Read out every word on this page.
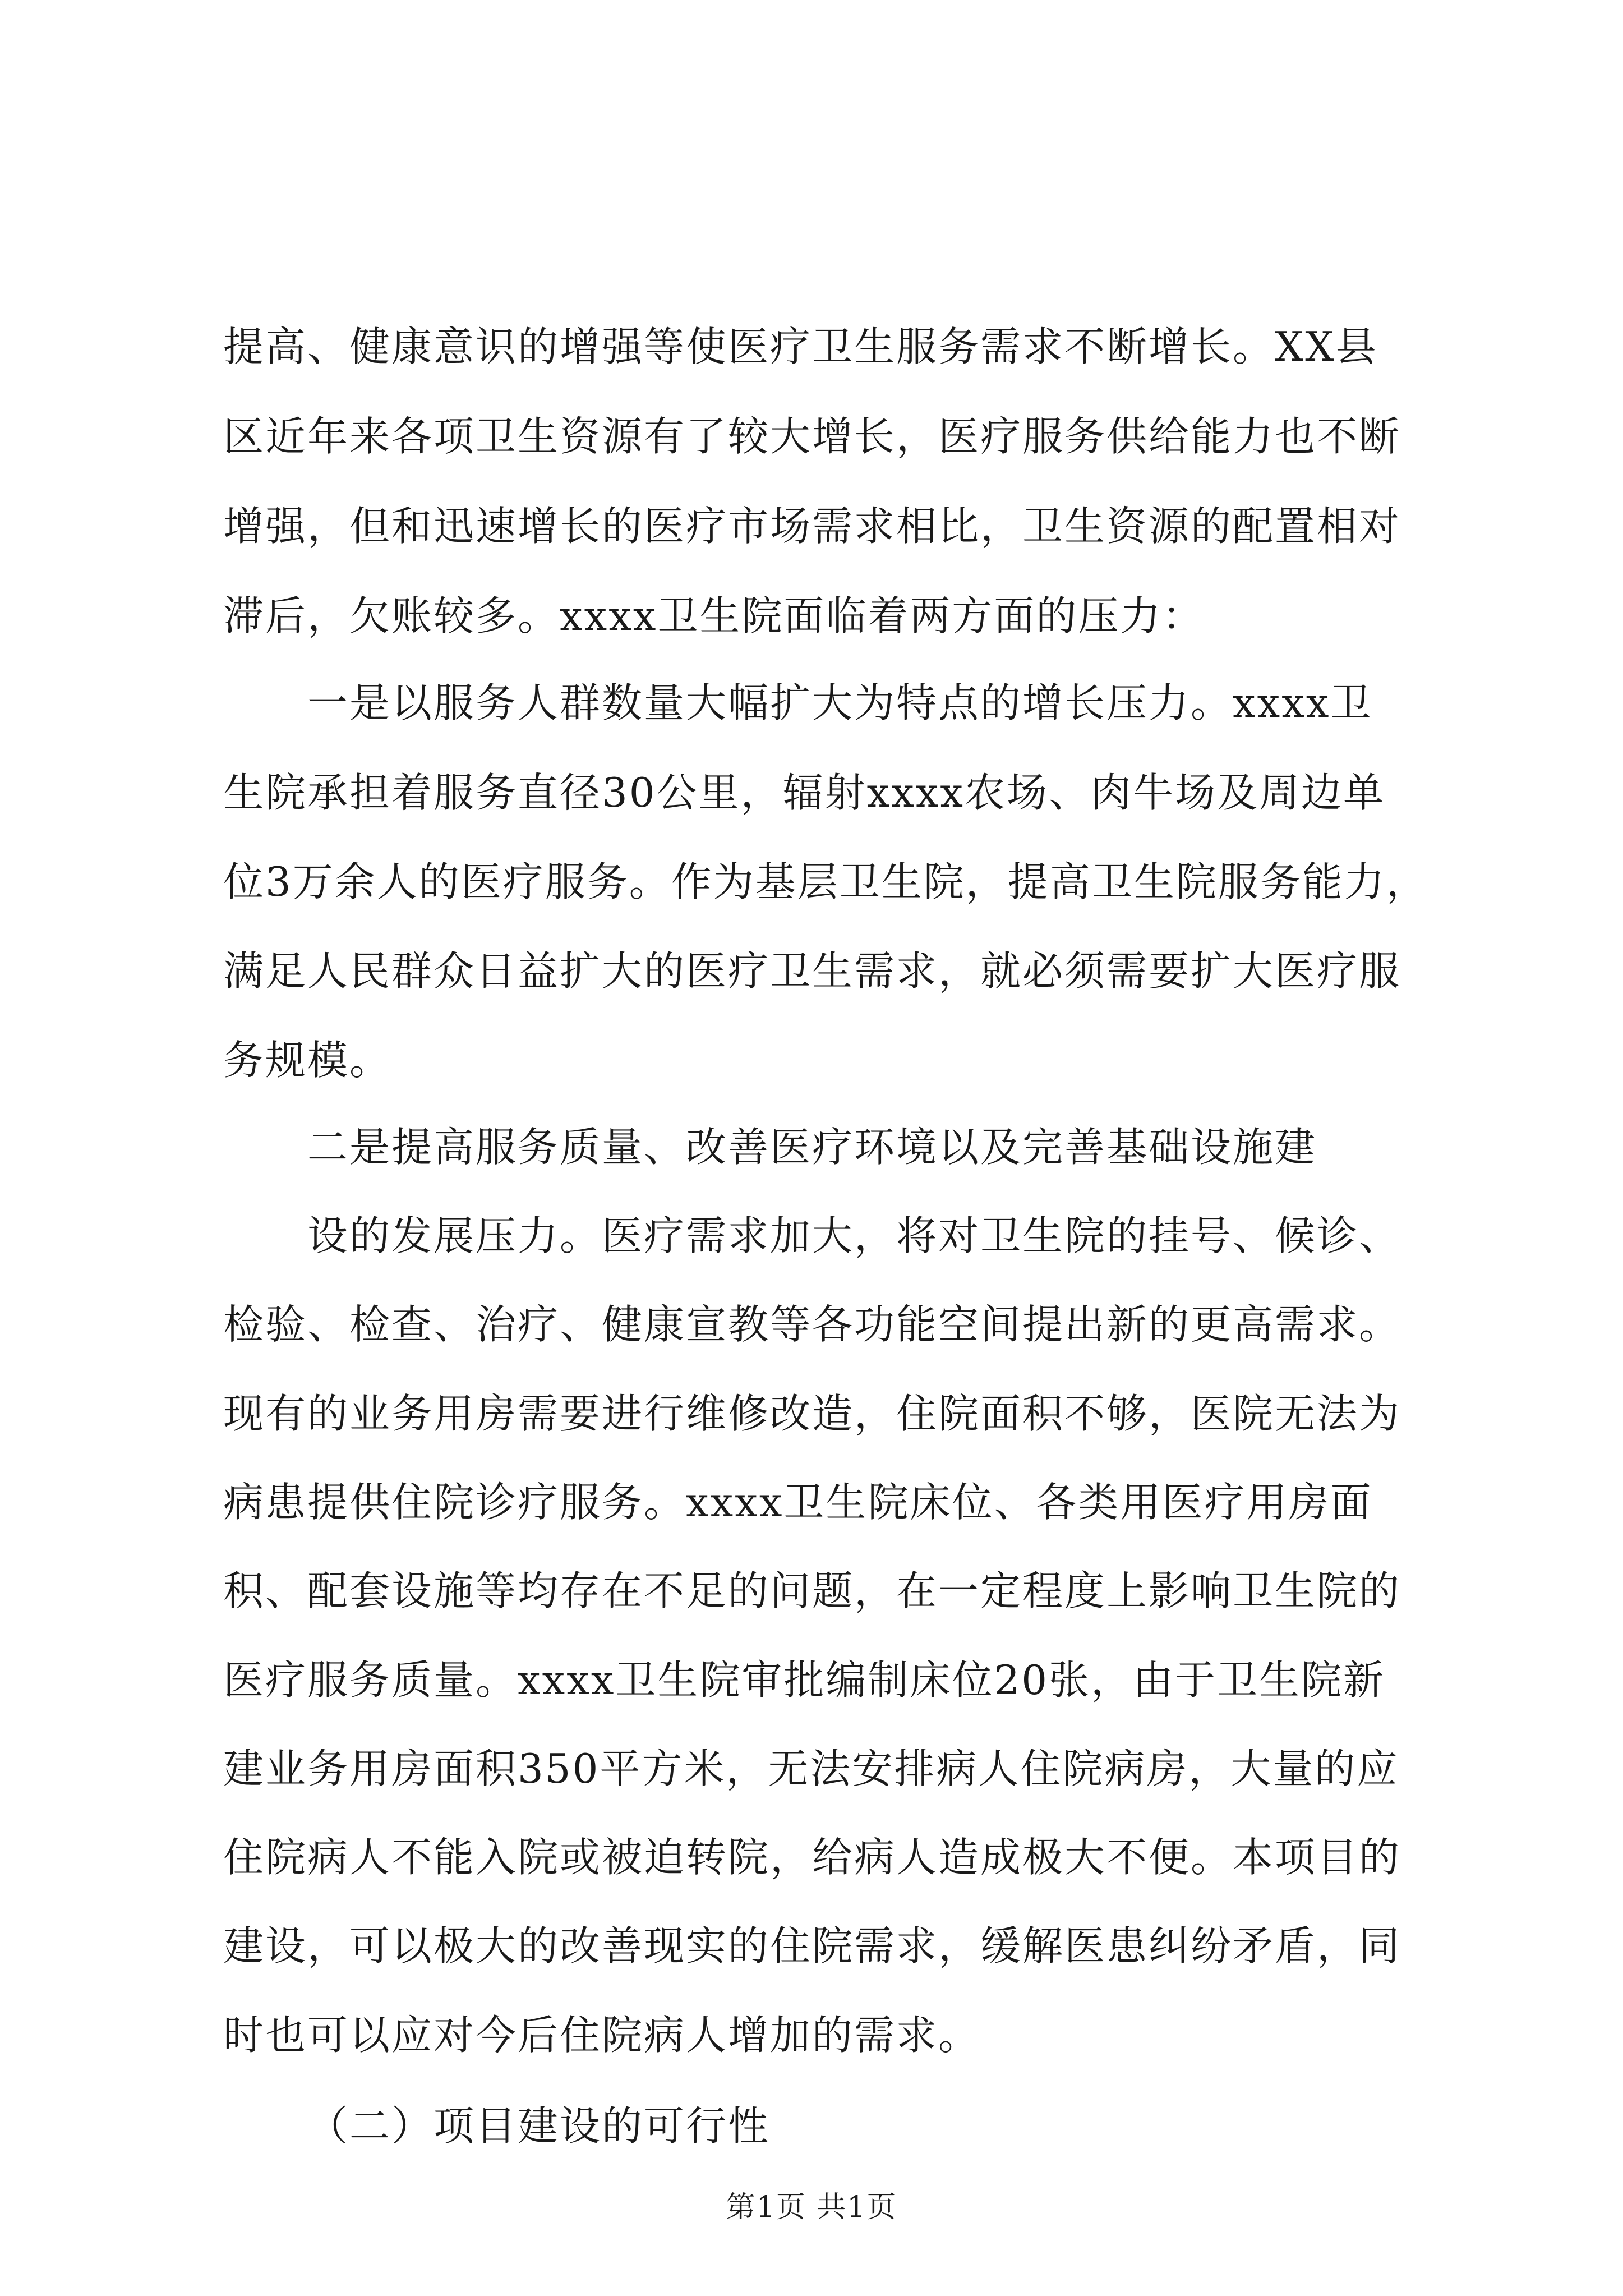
提高、健康意识的增强等使医疗卫生服务需求不断增长。XX县
区近年来各项卫生资源有了较大增长，医疗服务供给能力也不断
增强，但和迅速增长的医疗市场需求相比，卫生资源的配置相对
滞后，欠账较多。xxxx卫生院面临着两方面的压力：
一是以服务人群数量大幅扩大为特点的增长压力。xxxx卫
生院承担着服务直径30公里，辐射xxxx农场、肉牛场及周边单
位3万余人的医疗服务。作为基层卫生院，提高卫生院服务能力，
满足人民群众日益扩大的医疗卫生需求，就必须需要扩大医疗服
务规模。
二是提高服务质量、改善医疗环境以及完善基础设施建
设的发展压力。医疗需求加大，将对卫生院的挂号、候诊、
检验、检查、治疗、健康宣教等各功能空间提出新的更高需求。
现有的业务用房需要进行维修改造，住院面积不够，医院无法为
病患提供住院诊疗服务。xxxx卫生院床位、各类用医疗用房面
积、配套设施等均存在不足的问题，在一定程度上影响卫生院的
医疗服务质量。xxxx卫生院审批编制床位20张，由于卫生院新
建业务用房面积350平方米，无法安排病人住院病房，大量的应
住院病人不能入院或被迫转院，给病人造成极大不便。本项目的
建设，可以极大的改善现实的住院需求，缓解医患纠纷矛盾，同
时也可以应对今后住院病人增加的需求。
（二）项目建设的可行性
第1页 共1页
